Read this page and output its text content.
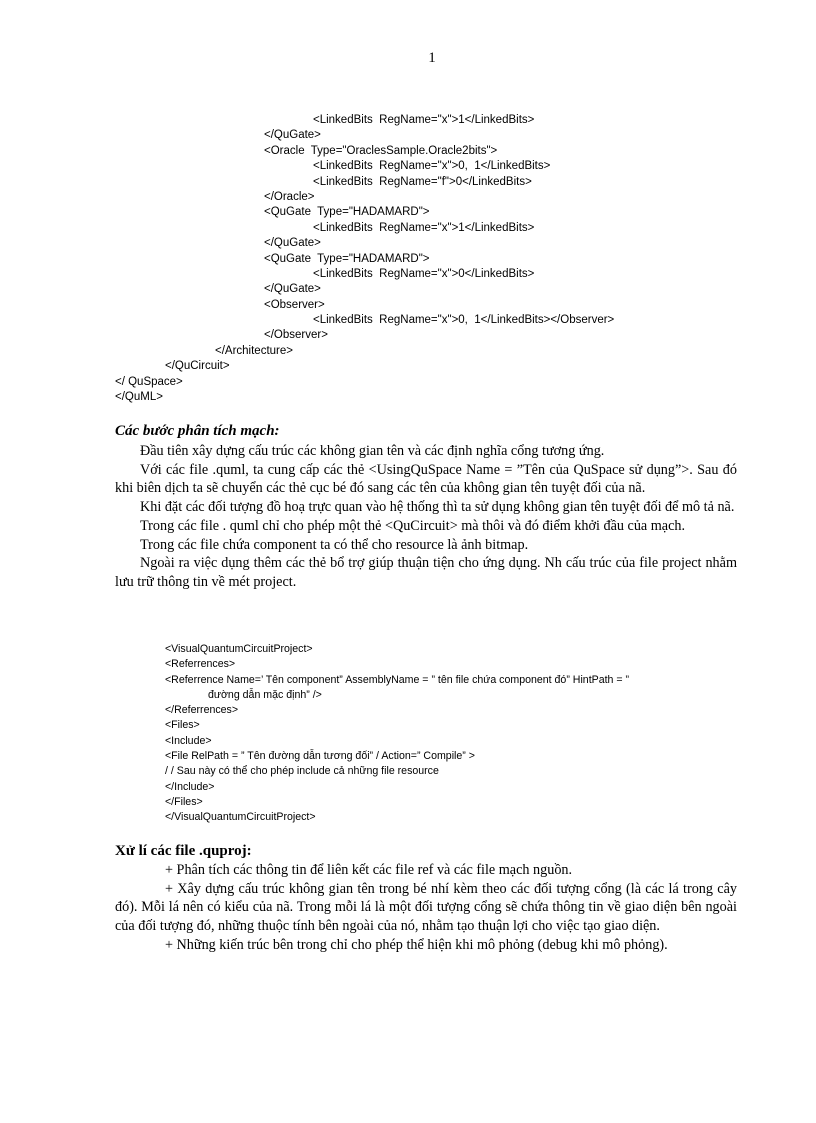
1
<LinkedBits  RegName="x">1</LinkedBits>
</QuGate>
<Oracle  Type="OraclesSample.Oracle2bits">
<LinkedBits  RegName="x">0,  1</LinkedBits>
<LinkedBits  RegName="f">0</LinkedBits>
</Oracle>
<QuGate  Type="HADAMARD">
<LinkedBits  RegName="x">1</LinkedBits>
</QuGate>
<QuGate  Type="HADAMARD">
<LinkedBits  RegName="x">0</LinkedBits>
</QuGate>
<Observer>
<LinkedBits  RegName="x">0,  1</LinkedBits></Observer>
</Observer>
</Architecture>
</QuCircuit>
</ QuSpace>
</QuML>
Các bước phân tích mạch:

Đầu tiên xây dựng cấu trúc các không gian tên và các định nghĩa cổng tương ứng.

Với các file .quml, ta cung cấp các thẻ <UsingQuSpace Name = ”Tên của QuSpace sử dụng”>. Sau đó khi biên dịch ta sẽ chuyển các thẻ cục bé đó sang các tên của không gian tên tuyệt đối của nã.

Khi đặt các đối tượng đồ hoạ trực quan vào hệ thống thì ta sử dụng không gian tên tuyệt đối để mô tả nã.

Trong các file . quml chỉ cho phép một thẻ <QuCircuit> mà thôi và đó điểm khởi đầu của mạch.

Trong các file chứa component ta có thể cho resource là ảnh bitmap.

Ngoài ra việc dụng thêm các thẻ bổ trợ giúp thuận tiện cho ứng dụng. Nh cấu trúc của file project nhằm lưu trữ thông tin về mét project.

<VisualQuantumCircuitProject>
<Referrences>
<Referrence Name=’ Tên component” AssemblyName = ” tên file chứa component đó” HintPath = ”
đường dẫn mặc định” />
</Referrences>
<Files>
<Include>
<File RelPath = ” Tên đường dẫn tương đối” / Action=” Compile” >
/ / Sau này có thể cho phép include cả những file resource
</Include>
</Files>
</VisualQuantumCircuitProject>
Xử lí các file .quproj:

+ Phân tích các thông tin để liên kết các file ref và các file mạch nguồn.

+ Xây dựng cấu trúc không gian tên trong bé nhí kèm theo các đối tượng cổng (là các lá trong cây đó). Mỗi lá nên có kiểu của nã. Trong mỗi lá là một đối tượng cổng sẽ chứa thông tin về giao diện bên ngoài của đối tượng đó, những thuộc tính bên ngoài của nó, nhằm tạo thuận lợi cho việc tạo giao diện.

+ Những kiến trúc bên trong chỉ cho phép thể hiện khi mô phỏng (debug khi mô phỏng).
